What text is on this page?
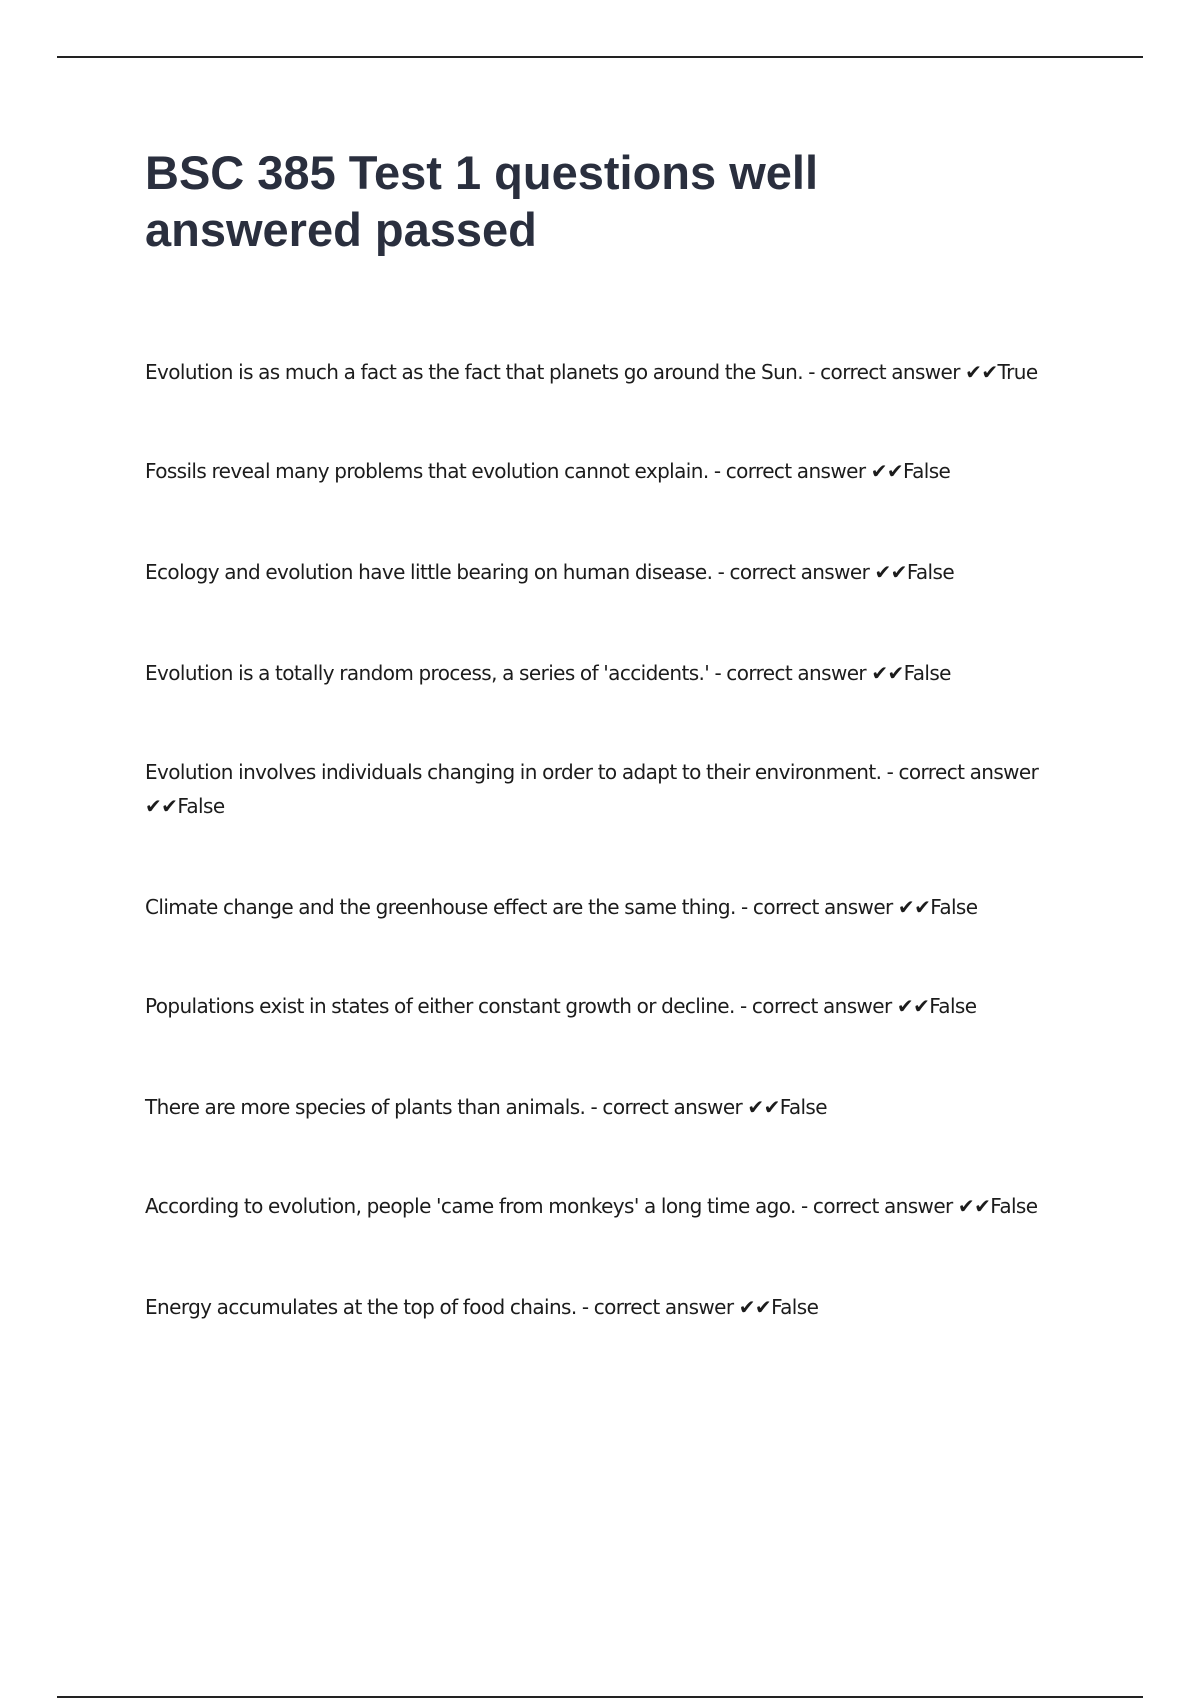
BSC 385 Test 1 questions well answered passed
Evolution is as much a fact as the fact that planets go around the Sun. - correct answer ✔✔True
Fossils reveal many problems that evolution cannot explain. - correct answer ✔✔False
Ecology and evolution have little bearing on human disease. - correct answer ✔✔False
Evolution is a totally random process, a series of 'accidents.' - correct answer ✔✔False
Evolution involves individuals changing in order to adapt to their environment. - correct answer ✔✔False
Climate change and the greenhouse effect are the same thing. - correct answer ✔✔False
Populations exist in states of either constant growth or decline. - correct answer ✔✔False
There are more species of plants than animals. - correct answer ✔✔False
According to evolution, people 'came from monkeys' a long time ago. - correct answer ✔✔False
Energy accumulates at the top of food chains. - correct answer ✔✔False
